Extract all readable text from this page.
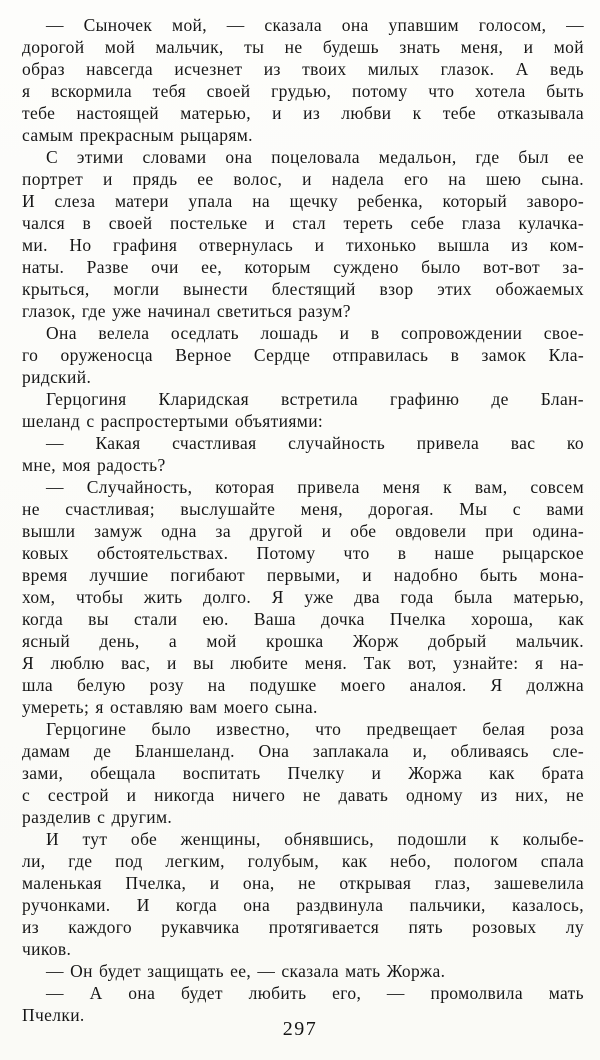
— Сыночек мой, — сказала она упавшим голосом, —
дорогой мой мальчик, ты не будешь знать меня, и мой
образ навсегда исчезнет из твоих милых глазок. А ведь
я вскормила тебя своей грудью, потому что хотела быть
тебе настоящей матерью, и из любви к тебе отказывала
самым прекрасным рыцарям.
С этими словами она поцеловала медальон, где был ее
портрет и прядь ее волос, и надела его на шею сына.
И слеза матери упала на щечку ребенка, который заворо-
чался в своей постельке и стал тереть себе глаза кулачка-
ми. Но графиня отвернулась и тихонько вышла из ком-
наты. Разве очи ее, которым суждено было вот-вот за-
крыться, могли вынести блестящий взор этих обожаемых
глазок, где уже начинал светиться разум?
Она велела оседлать лошадь и в сопровождении свое-
го оруженосца Верное Сердце отправилась в замок Кла-
ридский.
Герцогиня Кларидская встретила графиню де Блан-
шеланд с распростертыми объятиями:
— Какая счастливая случайность привела вас ко
мне, моя радость?
— Случайность, которая привела меня к вам, совсем
не счастливая; выслушайте меня, дорогая. Мы с вами
вышли замуж одна за другой и обе овдовели при одина-
ковых обстоятельствах. Потому что в наше рыцарское
время лучшие погибают первыми, и надобно быть мона-
хом, чтобы жить долго. Я уже два года была матерью,
когда вы стали ею. Ваша дочка Пчелка хороша, как
ясный день, а мой крошка Жорж добрый мальчик.
Я люблю вас, и вы любите меня. Так вот, узнайте: я на-
шла белую розу на подушке моего аналоя. Я должна
умереть; я оставляю вам моего сына.
Герцогине было известно, что предвещает белая роза
дамам де Бланшеланд. Она заплакала и, обливаясь сле-
зами, обещала воспитать Пчелку и Жоржа как брата
с сестрой и никогда ничего не давать одному из них, не
разделив с другим.
И тут обе женщины, обнявшись, подошли к колыбе-
ли, где под легким, голубым, как небо, пологом спала
маленькая Пчелка, и она, не открывая глаз, зашевелила
ручонками. И когда она раздвинула пальчики, казалось,
из каждого рукавчика протягивается пять розовых лу
чиков.
— Он будет защищать ее, — сказала мать Жоржа.
— А она будет любить его, — промолвила мать
Пчелки.
297
